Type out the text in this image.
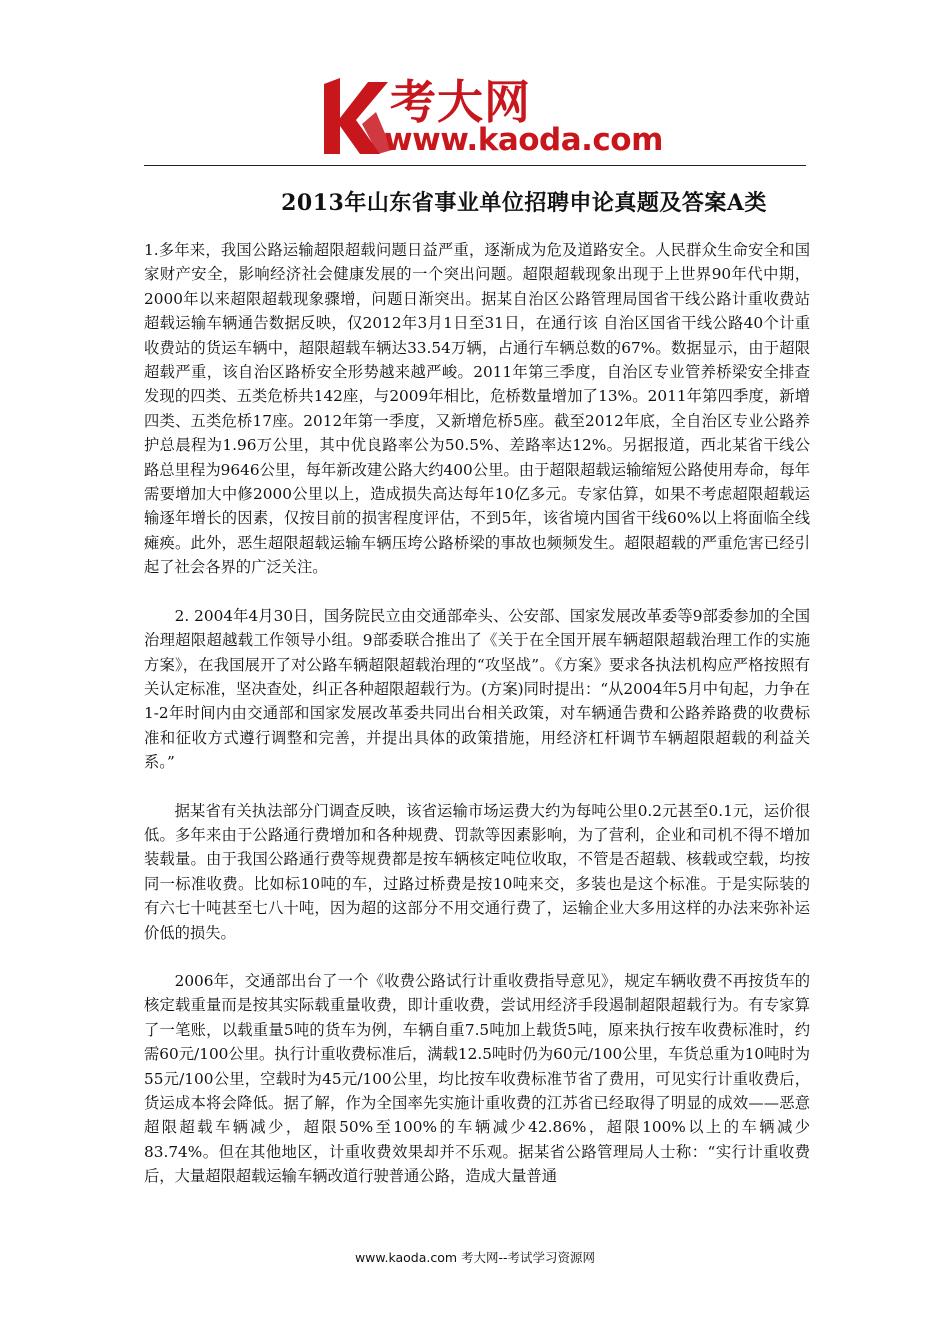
考大网
www.kaoda.com
2013年山东省事业单位招聘申论真题及答案A类

1.多年来，我国公路运输超限超载问题日益严重，逐渐成为危及道路安全。人民群众生命安全和国家财产安全，影响经济社会健康发展的一个突出问题。超限超载现象出现于上世界90年代中期，2000年以来超限超载现象骤增，问题日渐突出。据某自治区公路管理局国省干线公路计重收费站超载运输车辆通告数据反映，仅2012年3月1日至31日，在通行该 自治区国省干线公路40个计重收费站的货运车辆中，超限超载车辆达33.54万辆，占通行车辆总数的67%。数据显示，由于超限超载严重，该自治区路桥安全形势越来越严峻。2011年第三季度，自治区专业管养桥梁安全排查发现的四类、五类危桥共142座，与2009年相比，危桥数量增加了13%。2011年第四季度，新增四类、五类危桥17座。2012年第一季度，又新增危桥5座。截至2012年底，全自治区专业公路养护总晨程为1.96万公里，其中优良路率公为50.5%、差路率达12%。另据报道，西北某省干线公路总里程为9646公里，每年新改建公路大约400公里。由于超限超载运输缩短公路使用寿命，每年需要增加大中修2000公里以上，造成损失高达每年10亿多元。专家估算，如果不考虑超限超载运输逐年增长的因素，仅按目前的损害程度评估，不到5年，该省境内国省干线60%以上将面临全线瘫痪。此外，恶生超限超载运输车辆压垮公路桥梁的事故也频频发生。超限超载的严重危害已经引起了社会各界的广泛关注。

2. 2004年4月30日，国务院民立由交通部牵头、公安部、国家发展改革委等9部委参加的全国治理超限超越载工作领导小组。9部委联合推出了《关于在全国开展车辆超限超载治理工作的实施方案》，在我国展开了对公路车辆超限超载治理的“攻坚战”。《方案》要求各执法机构应严格按照有关认定标准，坚决查处，纠正各种超限超载行为。(方案)同时提出：“从2004年5月中旬起，力争在1-2年时间内由交通部和国家发展改革委共同出台相关政策，对车辆通告费和公路养路费的收费标准和征收方式遵行调整和完善，并提出具体的政策措施，用经济杠杆调节车辆超限超载的利益关系。”

据某省有关执法部分门调查反映，该省运输市场运费大约为每吨公里0.2元甚至0.1元，运价很低。多年来由于公路通行费增加和各种规费、罚款等因素影响，为了营利，企业和司机不得不增加装载量。由于我国公路通行费等规费都是按车辆核定吨位收取，不管是否超载、核载或空载，均按同一标准收费。比如标10吨的车，过路过桥费是按10吨来交，多装也是这个标准。于是实际装的有六七十吨甚至七八十吨，因为超的这部分不用交通行费了，运输企业大多用这样的办法来弥补运价低的损失。

2006年，交通部出台了一个《收费公路试行计重收费指导意见》，规定车辆收费不再按货车的核定载重量而是按其实际载重量收费，即计重收费，尝试用经济手段遏制超限超载行为。有专家算了一笔账，以载重量5吨的货车为例，车辆自重7.5吨加上载货5吨，原来执行按车收费标准时，约需60元/100公里。执行计重收费标准后，满载12.5吨时仍为60元/100公里，车货总重为10吨时为55元/100公里，空载时为45元/100公里，均比按车收费标准节省了费用，可见实行计重收费后，货运成本将会降低。据了解，作为全国率先实施计重收费的江苏省已经取得了明显的成效——恶意超限超载车辆减少，超限50%至100%的车辆减少42.86%，超限100%以上的车辆减少83.74%。但在其他地区，计重收费效果却并不乐观。据某省公路管理局人士称：“实行计重收费后，大量超限超载运输车辆改道行驶普通公路，造成大量普通

www.kaoda.com 考大网--考试学习资源网
